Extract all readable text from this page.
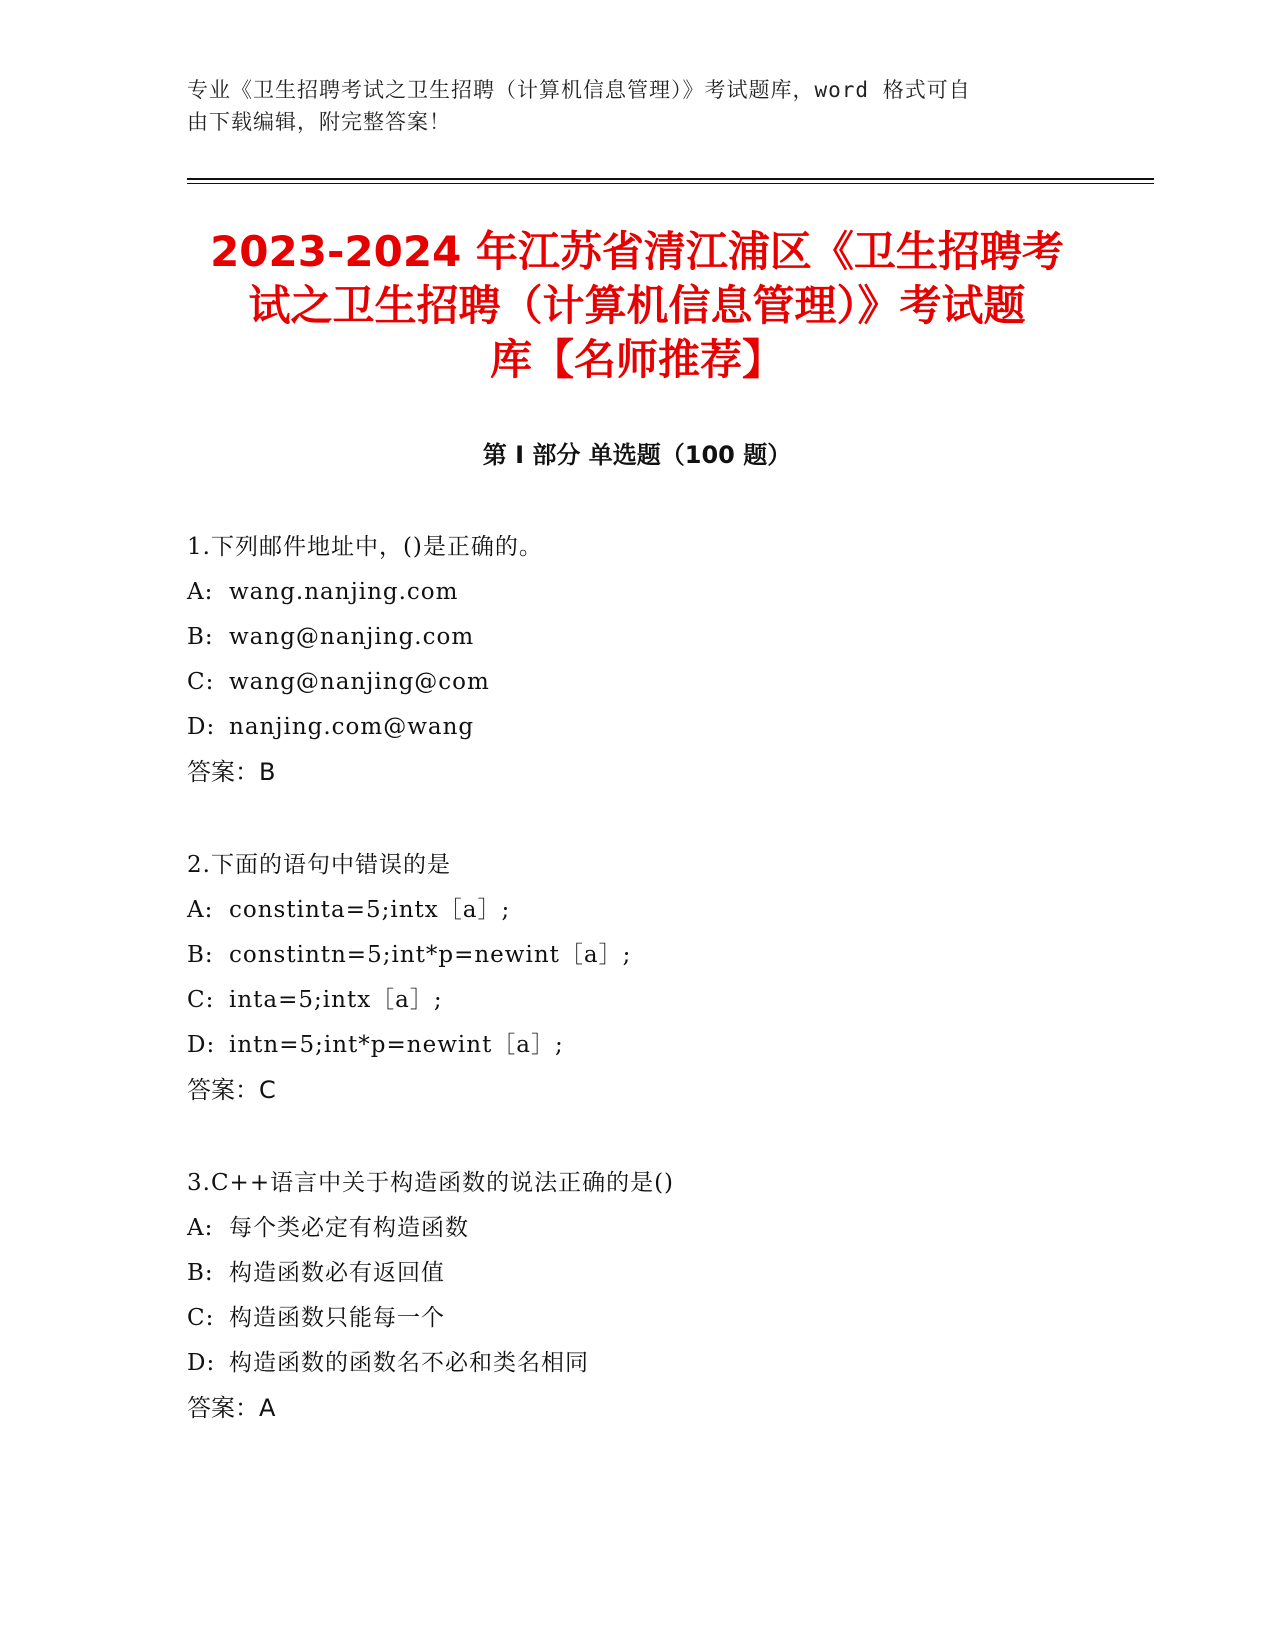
专业《卫生招聘考试之卫生招聘（计算机信息管理）》考试题库，word 格式可自
由下载编辑，附完整答案！
2023-2024 年江苏省清江浦区《卫生招聘考
试之卫生招聘（计算机信息管理）》考试题
库【名师推荐】
第 I 部分 单选题（100 题）
1.下列邮件地址中，()是正确的。
A: wang.nanjing.com
B: wang@nanjing.com
C: wang@nanjing@com
D: nanjing.com@wang
答案：B
2.下面的语句中错误的是
A: constinta=5;intx［a］;
B: constintn=5;int*p=newint［a］;
C: inta=5;intx［a］;
D: intn=5;int*p=newint［a］;
答案：C
3.C++语言中关于构造函数的说法正确的是()
A: 每个类必定有构造函数
B: 构造函数必有返回值
C: 构造函数只能每一个
D: 构造函数的函数名不必和类名相同
答案：A
